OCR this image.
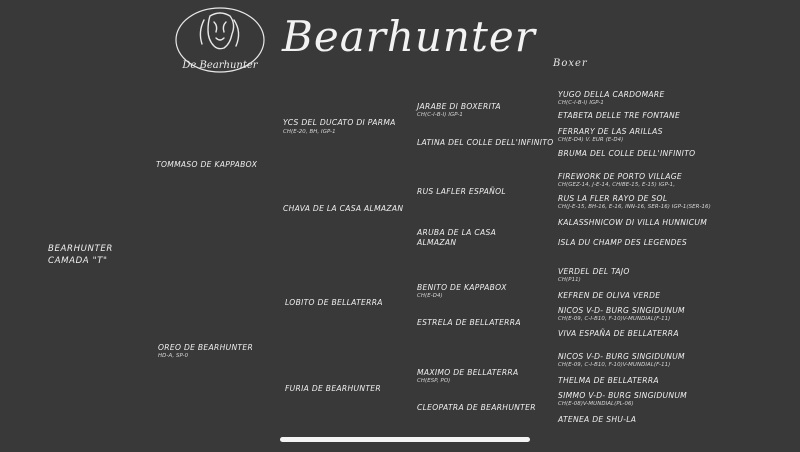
De Bearhunter
Bearhunter
Boxer
BEARHUNTER
CAMADA "T"
TOMMASO DE KAPPABOX
OREO DE BEARHUNTER
HD-A, SP-0
YCS DEL DUCATO DI PARMA
CH(E-20, BH, IGP-1
CHAVA DE LA CASA ALMAZAN
LOBITO DE BELLATERRA
FURIA DE BEARHUNTER
JARABE DI BOXERITA
CH(C-I-B-I) IGP-1
LATINA DEL COLLE DELL'INFINITO
RUS LAFLER ESPAÑOL
ARUBA DE LA CASA
ALMAZAN
BENITO DE KAPPABOX
CH(E-D4)
ESTRELA DE BELLATERRA
MAXIMO DE BELLATERRA
CH(ESP, PO)
CLEOPATRA DE BEARHUNTER
YUGO DELLA CARDOMARE
CH(C-I-B-I) IGP-1
ETABETA DELLE TRE FONTANE
FERRARY DE LAS ARILLAS
CH(E-D4) V. EUR (E-D4)
BRUMA DEL COLLE DELL'INFINITO
FIREWORK DE PORTO VILLAGE
CH(GEZ-14, J-E-14, CHIBE-15, E-15) IGP-1,
RUS LA FLER RAYO DE SOL
CH(J-E-15, BH-16, E-16, INN-16, SER-16) IGP-1(SER-16)
KALASSHNICOW DI VILLA HUNNICUM
ISLA DU CHAMP DES LEGENDES
VERDEL DEL TAJO
CH(P11)
KEFREN DE OLIVA VERDE
NICOS V-D- BURG SINGIDUNUM
CH(E-09, C-I-B10, F-10)V-MUNDIAL(F-11)
VIVA ESPAÑA DE BELLATERRA
NICOS V-D- BURG SINGIDUNUM
CH(E-09, C-I-B10, F-10)V-MUNDIAL(F-11)
THELMA DE BELLATERRA
SIMMO V-D- BURG SINGIDUNUM
CH(E-08)V-MUNDIAL(PL-06)
ATENEA DE SHU-LA
